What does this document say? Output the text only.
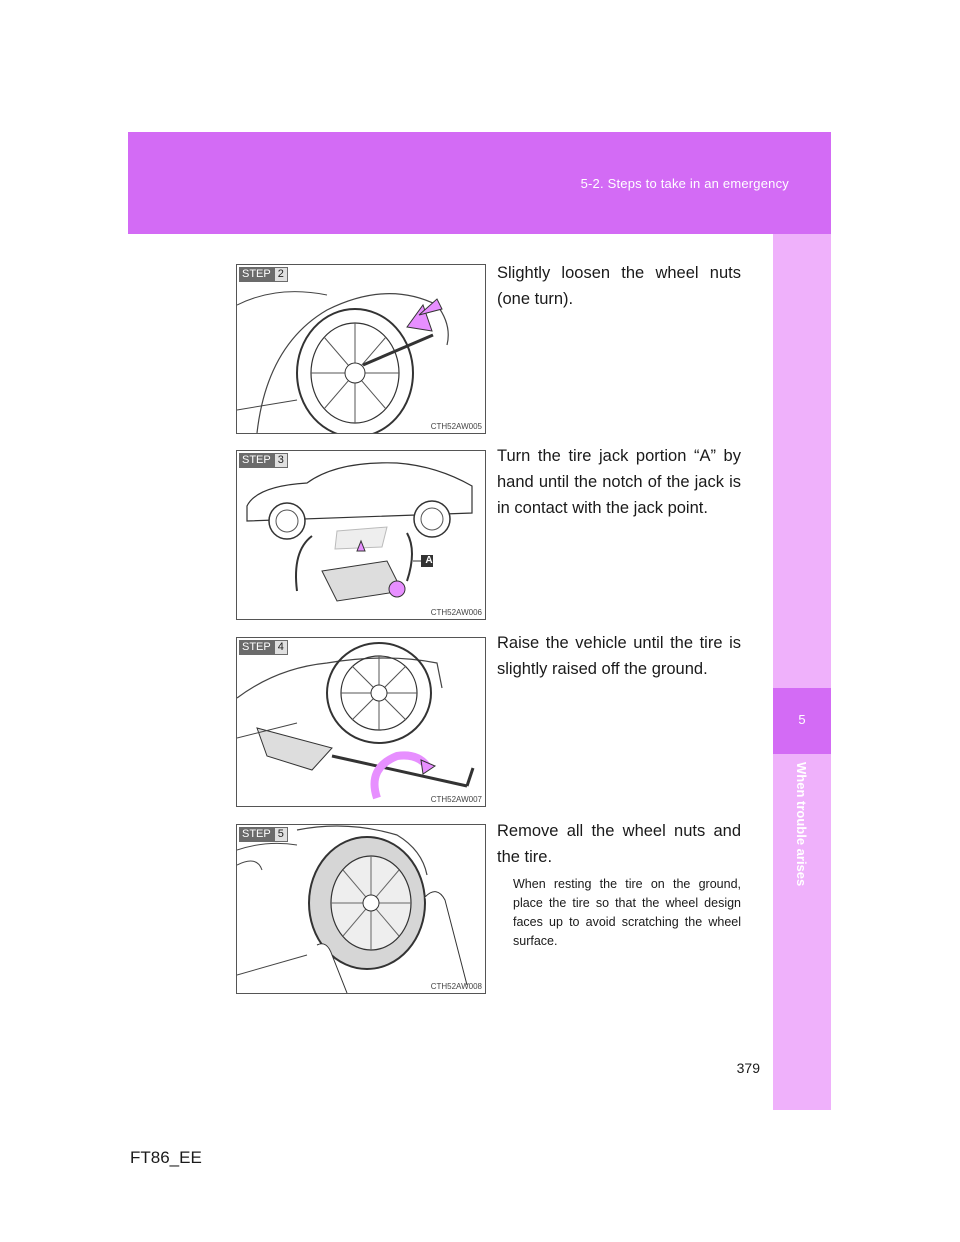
5-2. Steps to take in an emergency
5
When trouble arises
STEP 2
CTH52AW005
Slightly loosen the wheel nuts (one turn).
STEP 3
A
CTH52AW006
Turn the tire jack portion “A” by hand until the notch of the jack is in contact with the jack point.
STEP 4
CTH52AW007
Raise the vehicle until the tire is slightly raised off the ground.
STEP 5
CTH52AW008
Remove all the wheel nuts and the tire.
When resting the tire on the ground, place the tire so that the wheel design faces up to avoid scratching the wheel surface.
379
FT86_EE
